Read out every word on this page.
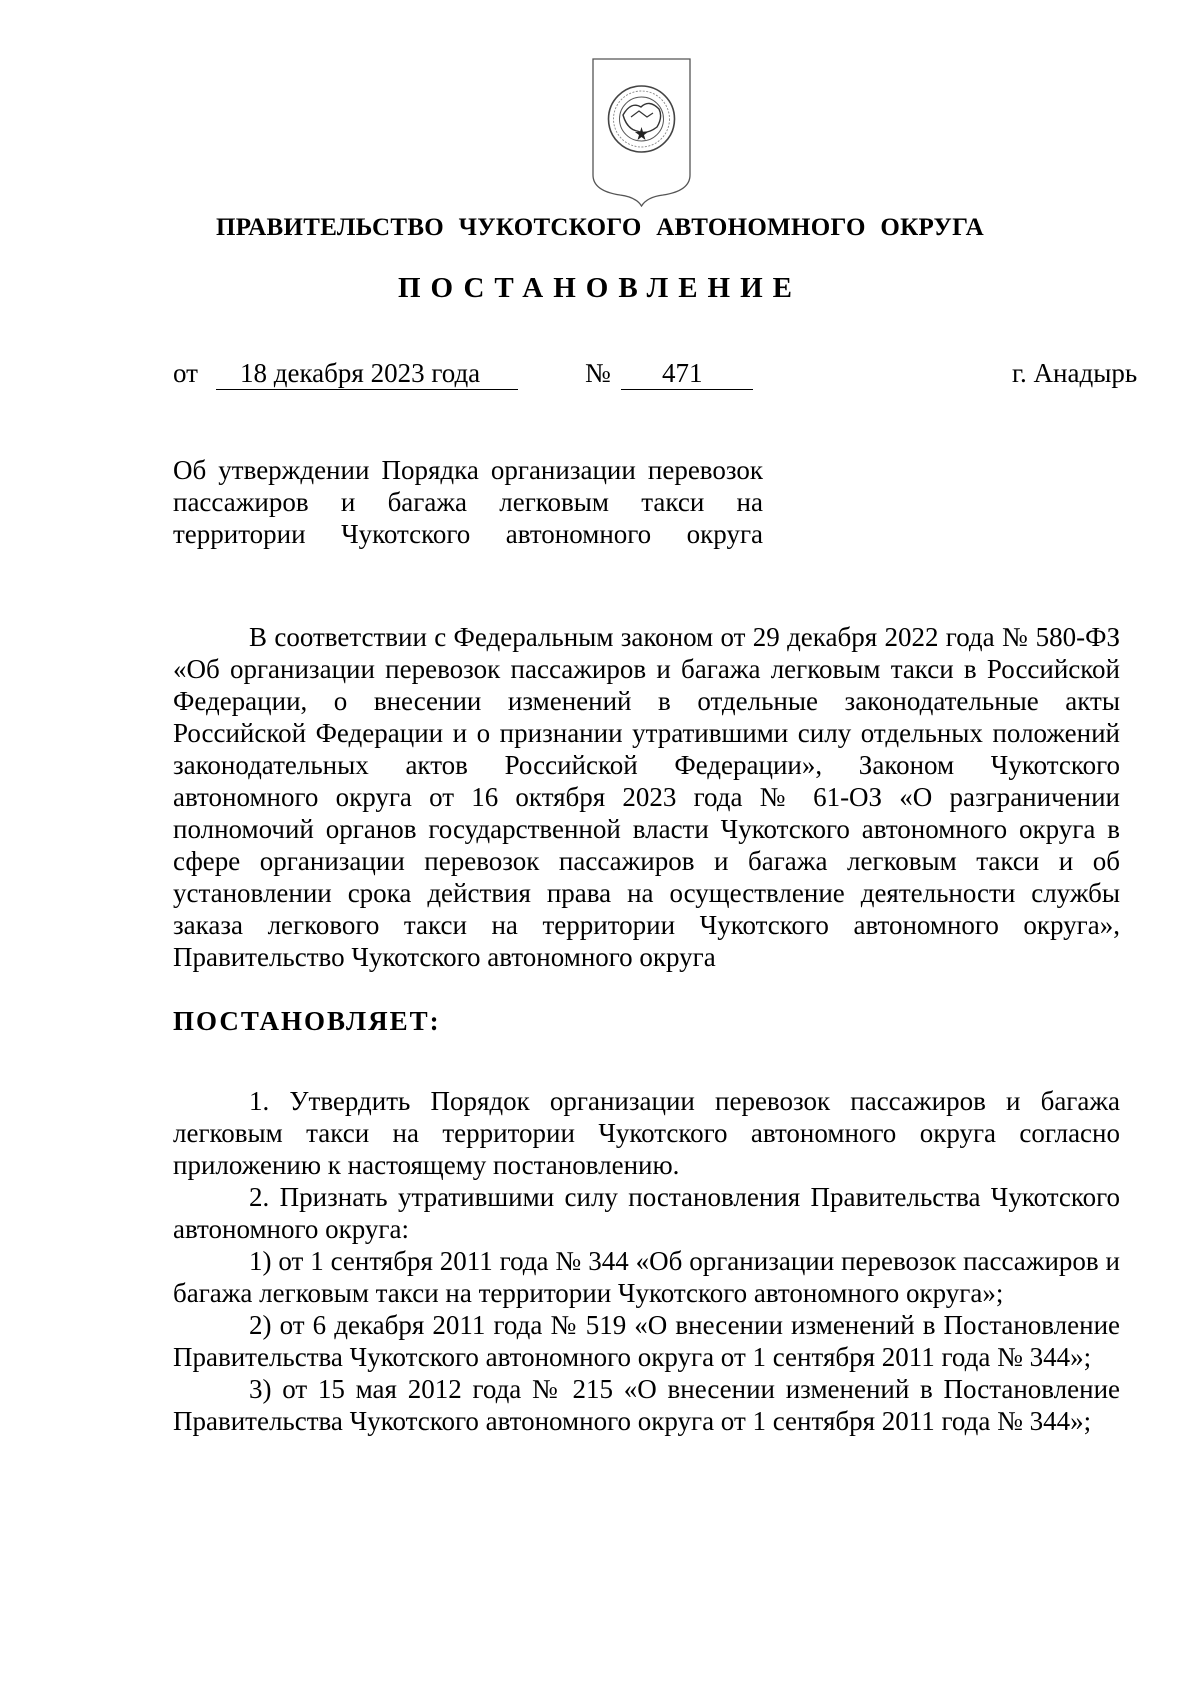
ПРАВИТЕЛЬСТВО ЧУКОТСКОГО АВТОНОМНОГО ОКРУГА
ПОСТАНОВЛЕНИЕ
от 18 декабря 2023 года	№ 471	г. Анадырь

Об утверждении Порядка организации перевозок пассажиров и багажа легковым такси на территории Чукотского автономного округа

В соответствии с Федеральным законом от 29 декабря 2022 года № 580-ФЗ «Об организации перевозок пассажиров и багажа легковым такси в Российской Федерации, о внесении изменений в отдельные законодательные акты Российской Федерации и о признании утратившими силу отдельных положений законодательных актов Российской Федерации», Законом Чукотского автономного округа от 16 октября 2023 года № 61-ОЗ «О разграничении полномочий органов государственной власти Чукотского автономного округа в сфере организации перевозок пассажиров и багажа легковым такси и об установлении срока действия права на осуществление деятельности службы заказа легкового такси на территории Чукотского автономного округа», Правительство Чукотского автономного округа

ПОСТАНОВЛЯЕТ:

1. Утвердить Порядок организации перевозок пассажиров и багажа легковым такси на территории Чукотского автономного округа согласно приложению к настоящему постановлению.

2. Признать утратившими силу постановления Правительства Чукотского автономного округа:

1) от 1 сентября 2011 года № 344 «Об организации перевозок пассажиров и багажа легковым такси на территории Чукотского автономного округа»;

2) от 6 декабря 2011 года № 519 «О внесении изменений в Постановление Правительства Чукотского автономного округа от 1 сентября 2011 года № 344»;

3) от 15 мая 2012 года № 215 «О внесении изменений в Постановление Правительства Чукотского автономного округа от 1 сентября 2011 года № 344»;
